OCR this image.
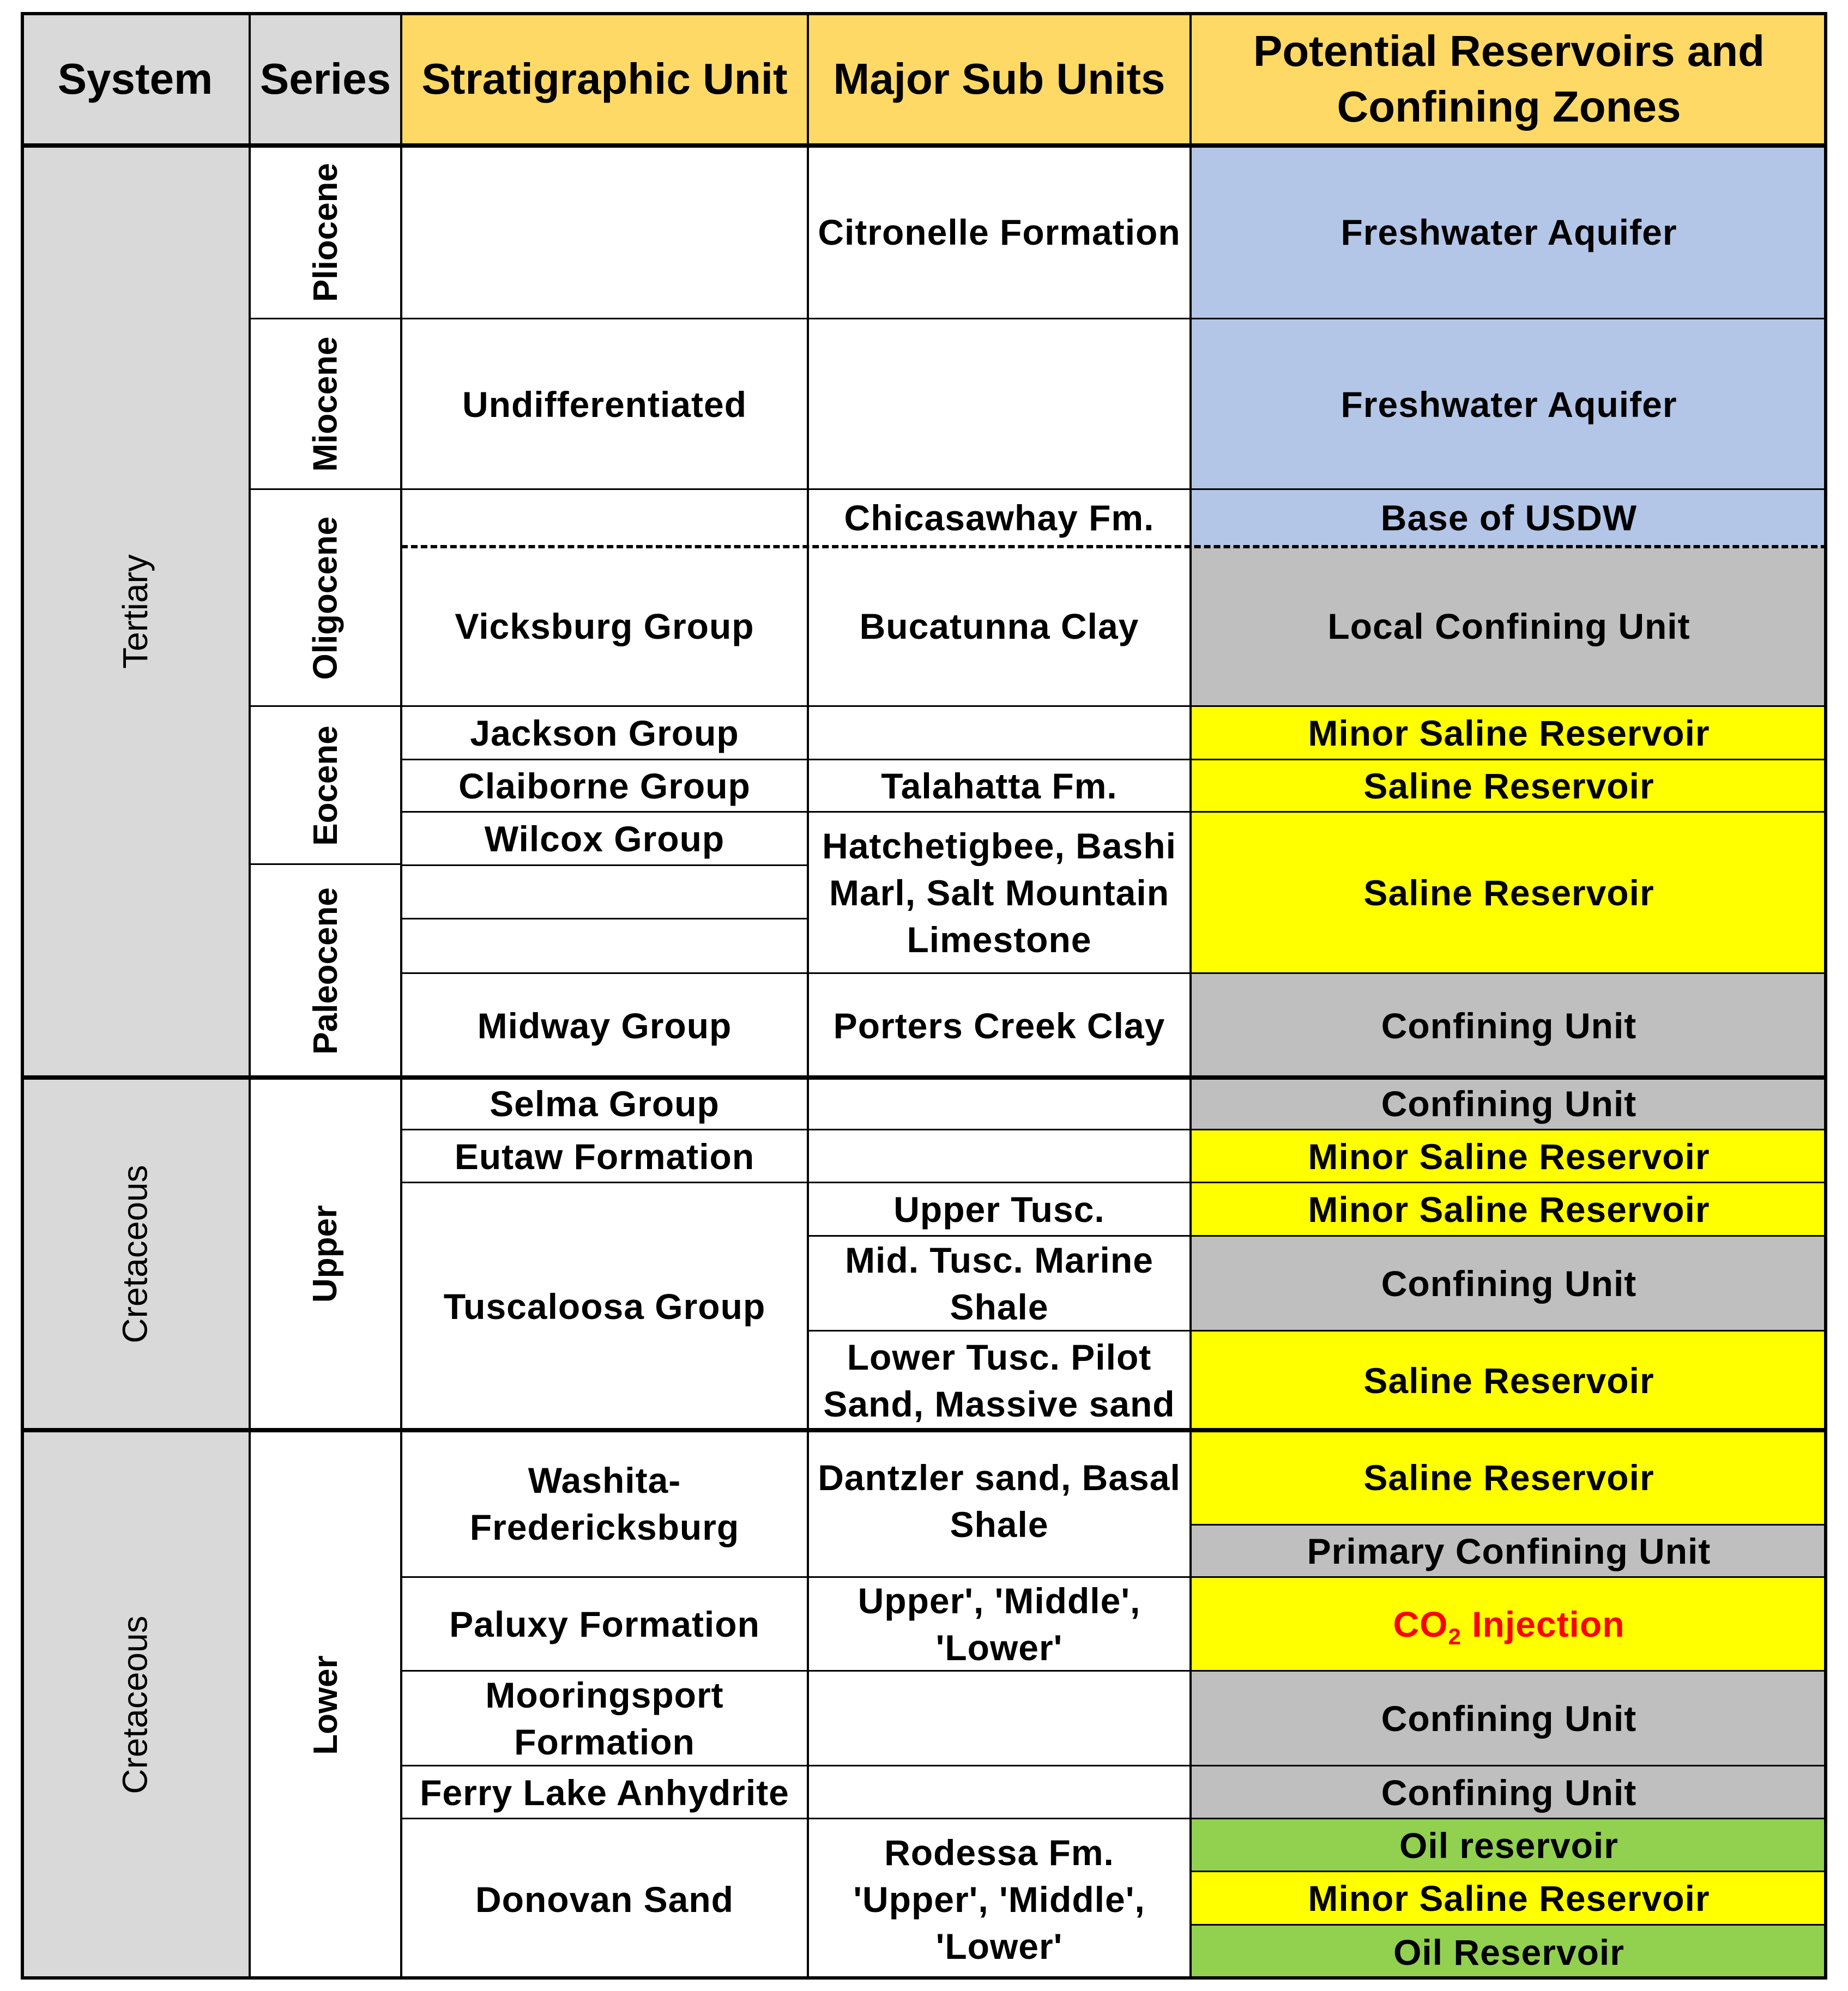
System	Series Stratigraphic Unit	Major Sub Units
Potential Reservoirs and Confining Zones
Tertiary
Cretaceous
Cretaceous
Pliocene
Miocene
Oligocene
Eocene
Paleocene
Upper
Lower
Undifferentiated
Vicksburg Group
Jackson Group
Claiborne Group
Wilcox Group
Midway Group
Selma Group
Eutaw Formation
Tuscaloosa Group
Washita-Fredericksburg
Paluxy Formation
Mooringsport Formation
Ferry Lake Anhydrite
Donovan Sand
Citronelle Formation
Chicasawhay Fm.
Bucatunna Clay
Talahatta Fm.
Hatchetigbee, Bashi Marl, Salt Mountain Limestone
Porters Creek Clay
Upper Tusc.
Mid. Tusc. Marine Shale
Lower Tusc. Pilot Sand, Massive sand
Dantzler sand, Basal Shale
Upper', 'Middle', 'Lower'
Rodessa Fm. 'Upper', 'Middle', 'Lower'
Freshwater Aquifer
Freshwater Aquifer
Base of USDW
Local Confining Unit
Minor Saline Reservoir
Saline Reservoir
Saline Reservoir
Confining Unit
Confining Unit
Minor Saline Reservoir
Minor Saline Reservoir
Confining Unit
Saline Reservoir
Saline Reservoir
Primary Confining Unit
$CO_2$ Injection
Confining Unit
Confining Unit
Oil reservoir
Minor Saline Reservoir
Oil Reservoir
